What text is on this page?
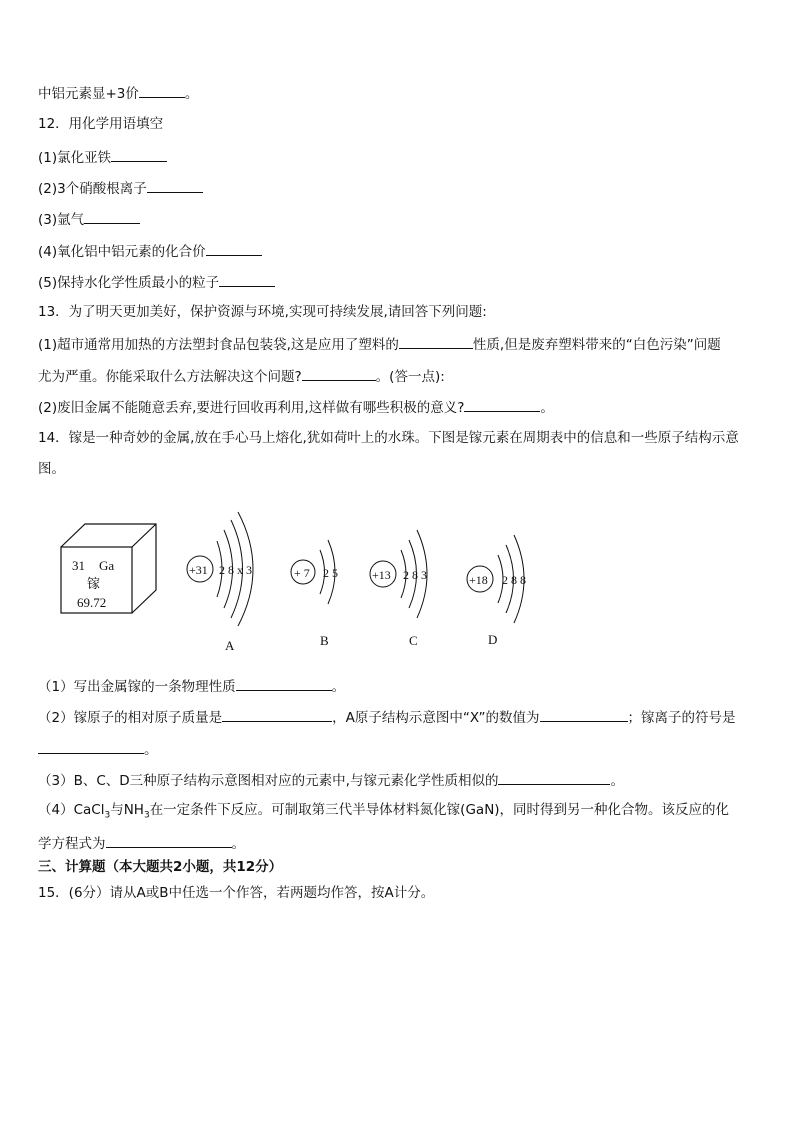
中铝元素显+3价	。
12．用化学用语填空
(1)氯化亚铁
(2)3个硝酸根离子
(3)氩气
(4)氧化铝中铝元素的化合价
(5)保持水化学性质最小的粒子
13．为了明天更加美好，保护资源与环境,实现可持续发展,请回答下列问题:
(1)超市通常用加热的方法塑封食品包装袋,这是应用了塑料的	性质,但是废弃塑料带来的“白色污染”问题
尤为严重。你能采取什么方法解决这个问题?	。(答一点):
(2)废旧金属不能随意丢弃,要进行回收再利用,这样做有哪些积极的意义?	。
14．镓是一种奇妙的金属,放在手心马上熔化,犹如荷叶上的水珠。下图是镓元素在周期表中的信息和一些原子结构示意
图。
31 Ga
镓
69.72
+31 2 8 x 3
A
+ 7 2 5
B
+13 2 8 3
C
+18 2 8 8
D
（1）写出金属镓的一条物理性质	。
（2）镓原子的相对原子质量是	，A原子结构示意图中“X”的数值为	；镓离子的符号是
。
（3）B、C、D三种原子结构示意图相对应的元素中,与镓元素化学性质相似的	。
（4）CaCl$_3$与$NH_3$在一定条件下反应。可制取第三代半导体材料氮化镓(GaN)，同时得到另一种化合物。该反应的化
学方程式为	。
三、计算题（本大题共2小题，共12分）
15．(6分）请从A或B中任选一个作答，若两题均作答，按A计分。
